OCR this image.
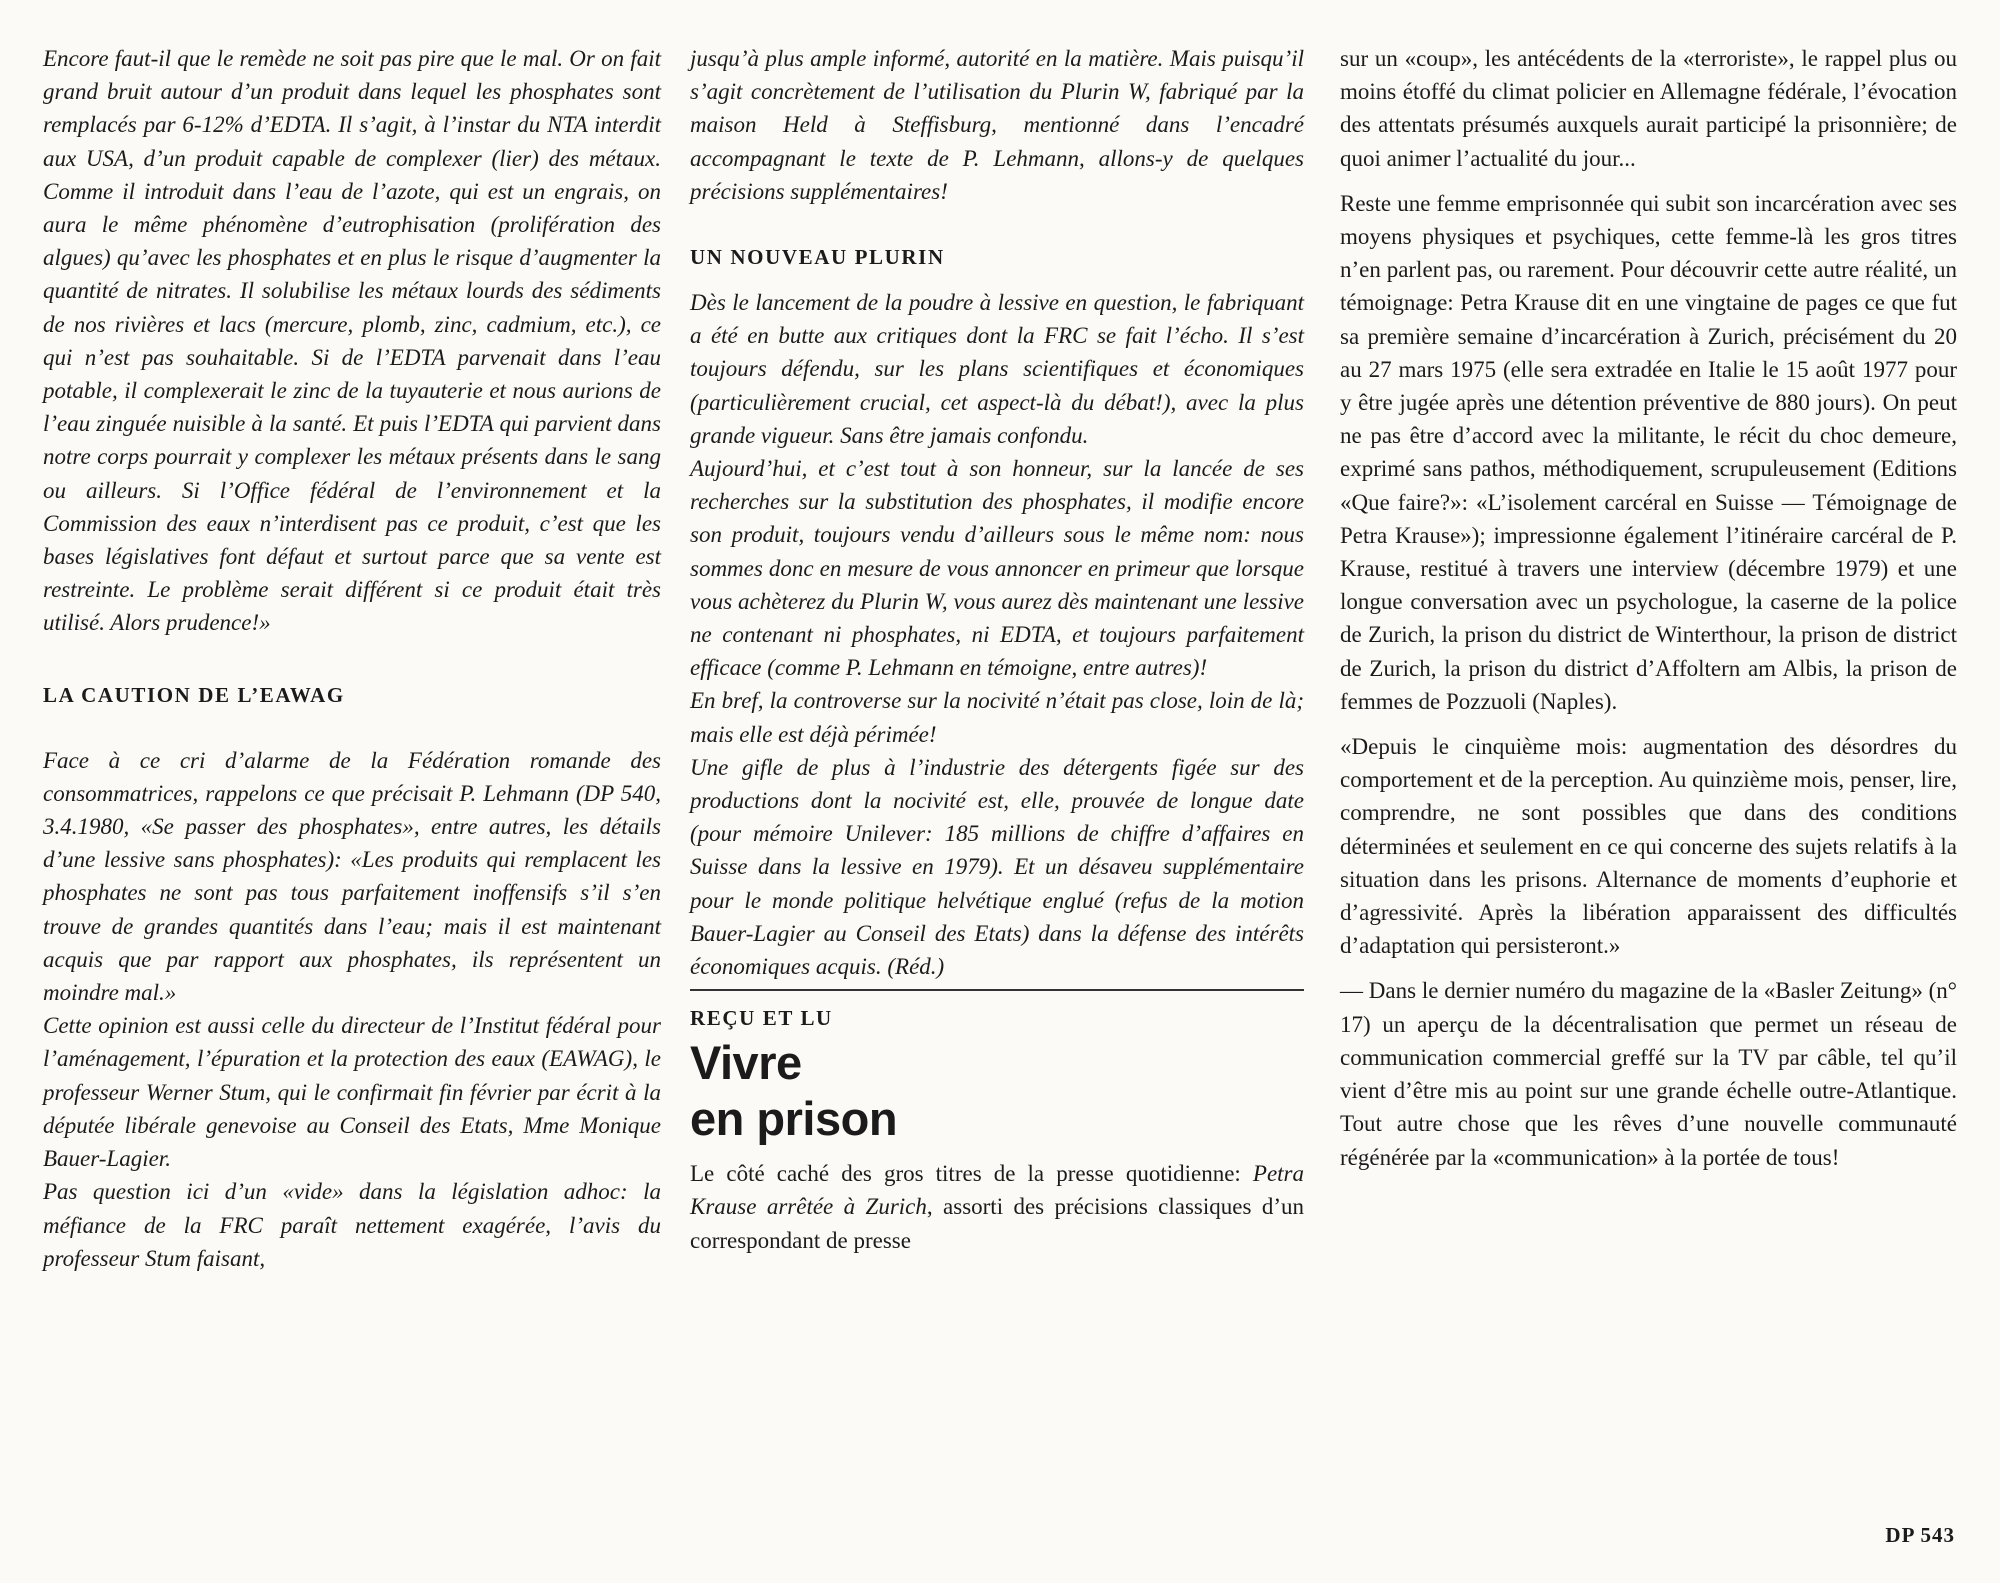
Encore faut-il que le remède ne soit pas pire que le mal. Or on fait grand bruit autour d’un produit dans lequel les phosphates sont remplacés par 6-12% d’EDTA. Il s’agit, à l’instar du NTA interdit aux USA, d’un produit capable de complexer (lier) des métaux. Comme il introduit dans l’eau de l’azote, qui est un engrais, on aura le même phénomène d’eutrophisation (prolifération des algues) qu’avec les phosphates et en plus le risque d’augmenter la quantité de nitrates. Il solubilise les métaux lourds des sédiments de nos rivières et lacs (mercure, plomb, zinc, cadmium, etc.), ce qui n’est pas souhaitable. Si de l’EDTA parvenait dans l’eau potable, il complexerait le zinc de la tuyauterie et nous aurions de l’eau zinguée nuisible à la santé. Et puis l’EDTA qui parvient dans notre corps pourrait y complexer les métaux présents dans le sang ou ailleurs. Si l’Office fédéral de l’environnement et la Commission des eaux n’interdisent pas ce produit, c’est que les bases législatives font défaut et surtout parce que sa vente est restreinte. Le problème serait différent si ce produit était très utilisé. Alors prudence!»

LA CAUTION DE L’EAWAG

Face à ce cri d’alarme de la Fédération romande des consommatrices, rappelons ce que précisait P. Lehmann (DP 540, 3.4.1980, «Se passer des phosphates», entre autres, les détails d’une lessive sans phosphates): «Les produits qui remplacent les phosphates ne sont pas tous parfaitement inoffensifs s’il s’en trouve de grandes quantités dans l’eau; mais il est maintenant acquis que par rapport aux phosphates, ils représentent un moindre mal.»

Cette opinion est aussi celle du directeur de l’Institut fédéral pour l’aménagement, l’épuration et la protection des eaux (EAWAG), le professeur Werner Stum, qui le confirmait fin février par écrit à la députée libérale genevoise au Conseil des Etats, Mme Monique Bauer-Lagier.

Pas question ici d’un «vide» dans la législation adhoc: la méfiance de la FRC paraît nettement exagérée, l’avis du professeur Stum faisant,

jusqu’à plus ample informé, autorité en la matière. Mais puisqu’il s’agit concrètement de l’utilisation du Plurin W, fabriqué par la maison Held à Steffisburg, mentionné dans l’encadré accompagnant le texte de P. Lehmann, allons-y de quelques précisions supplémentaires!

UN NOUVEAU PLURIN

Dès le lancement de la poudre à lessive en question, le fabriquant a été en butte aux critiques dont la FRC se fait l’écho. Il s’est toujours défendu, sur les plans scientifiques et économiques (particulièrement crucial, cet aspect-là du débat!), avec la plus grande vigueur. Sans être jamais confondu.

Aujourd’hui, et c’est tout à son honneur, sur la lancée de ses recherches sur la substitution des phosphates, il modifie encore son produit, toujours vendu d’ailleurs sous le même nom: nous sommes donc en mesure de vous annoncer en primeur que lorsque vous achèterez du Plurin W, vous aurez dès maintenant une lessive ne contenant ni phosphates, ni EDTA, et toujours parfaitement efficace (comme P. Lehmann en témoigne, entre autres)!

En bref, la controverse sur la nocivité n’était pas close, loin de là; mais elle est déjà périmée!

Une gifle de plus à l’industrie des détergents figée sur des productions dont la nocivité est, elle, prouvée de longue date (pour mémoire Unilever: 185 millions de chiffre d’affaires en Suisse dans la lessive en 1979). Et un désaveu supplémentaire pour le monde politique helvétique englué (refus de la motion Bauer-Lagier au Conseil des Etats) dans la défense des intérêts économiques acquis. (Réd.)

REÇU ET LU
Vivre
en prison

Le côté caché des gros titres de la presse quotidienne: Petra Krause arrêtée à Zurich, assorti des précisions classiques d’un correspondant de presse

sur un «coup», les antécédents de la «terroriste», le rappel plus ou moins étoffé du climat policier en Allemagne fédérale, l’évocation des attentats présumés auxquels aurait participé la prisonnière; de quoi animer l’actualité du jour...

Reste une femme emprisonnée qui subit son incarcération avec ses moyens physiques et psychiques, cette femme-là les gros titres n’en parlent pas, ou rarement. Pour découvrir cette autre réalité, un témoignage: Petra Krause dit en une vingtaine de pages ce que fut sa première semaine d’incarcération à Zurich, précisément du 20 au 27 mars 1975 (elle sera extradée en Italie le 15 août 1977 pour y être jugée après une détention préventive de 880 jours). On peut ne pas être d’accord avec la militante, le récit du choc demeure, exprimé sans pathos, méthodiquement, scrupuleusement (Editions «Que faire?»: «L’isolement carcéral en Suisse — Témoignage de Petra Krause»); impressionne également l’itinéraire carcéral de P. Krause, restitué à travers une interview (décembre 1979) et une longue conversation avec un psychologue, la caserne de la police de Zurich, la prison du district de Winterthour, la prison de district de Zurich, la prison du district d’Affoltern am Albis, la prison de femmes de Pozzuoli (Naples).

«Depuis le cinquième mois: augmentation des désordres du comportement et de la perception. Au quinzième mois, penser, lire, comprendre, ne sont possibles que dans des conditions déterminées et seulement en ce qui concerne des sujets relatifs à la situation dans les prisons. Alternance de moments d’euphorie et d’agressivité. Après la libération apparaissent des difficultés d’adaptation qui persisteront.»

— Dans le dernier numéro du magazine de la «Basler Zeitung» (n° 17) un aperçu de la décentralisation que permet un réseau de communication commercial greffé sur la TV par câble, tel qu’il vient d’être mis au point sur une grande échelle outre-Atlantique. Tout autre chose que les rêves d’une nouvelle communauté régénérée par la «communication» à la portée de tous!

DP 543
